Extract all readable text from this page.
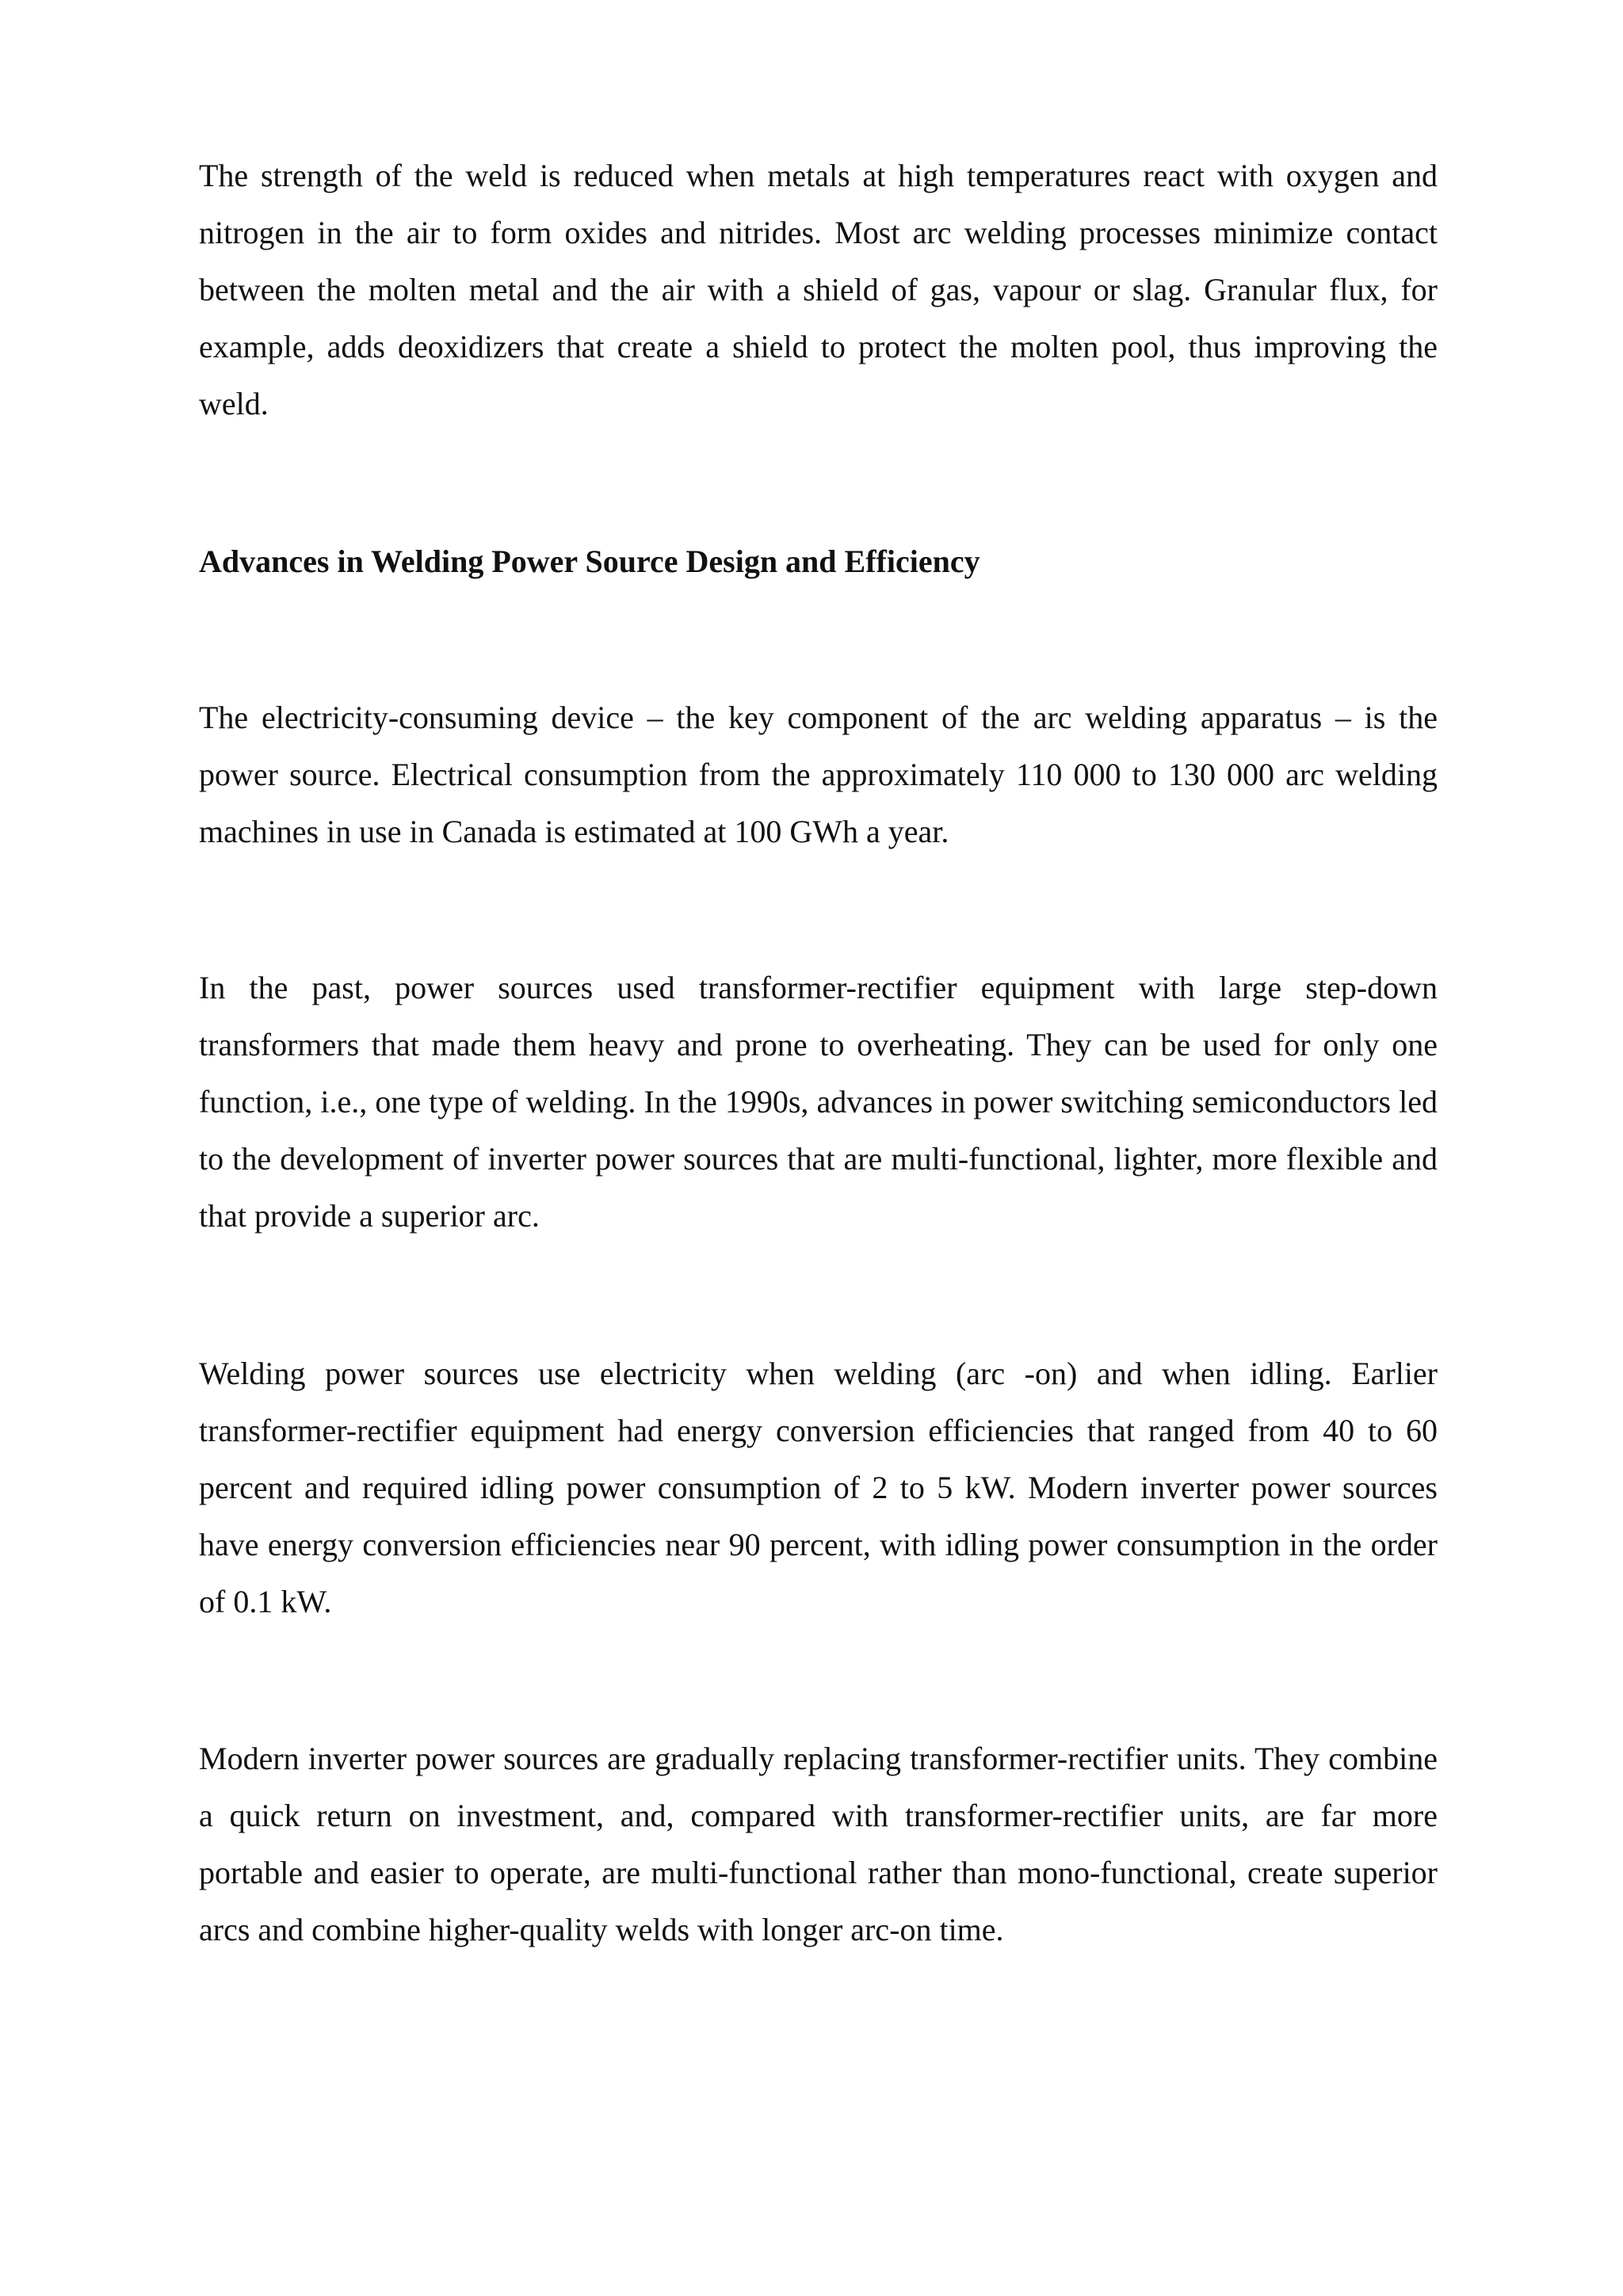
The strength of the weld is reduced when metals at high temperatures react with oxygen and nitrogen in the air to form oxides and nitrides. Most arc welding processes minimize contact between the molten metal and the air with a shield of gas, vapour or slag. Granular flux, for example, adds deoxidizers that create a shield to protect the molten pool, thus improving the weld.

Advances in Welding Power Source Design and Efficiency

The electricity-consuming device – the key component of the arc welding apparatus – is the power source. Electrical consumption from the approximately 110 000 to 130 000 arc welding machines in use in Canada is estimated at 100 GWh a year.

In the past, power sources used transformer-rectifier equipment with large step-down transformers that made them heavy and prone to overheating. They can be used for only one function, i.e., one type of welding. In the 1990s, advances in power switching semiconductors led to the development of inverter power sources that are multi-functional, lighter, more flexible and that provide a superior arc.

Welding power sources use electricity when welding (arc -on) and when idling. Earlier transformer-rectifier equipment had energy conversion efficiencies that ranged from 40 to 60 percent and required idling power consumption of 2 to 5 kW. Modern inverter power sources have energy conversion efficiencies near 90 percent, with idling power consumption in the order of 0.1 kW.

Modern inverter power sources are gradually replacing transformer-rectifier units. They combine a quick return on investment, and, compared with transformer-rectifier units, are far more portable and easier to operate, are multi-functional rather than mono-functional, create superior arcs and combine higher-quality welds with longer arc-on time.
